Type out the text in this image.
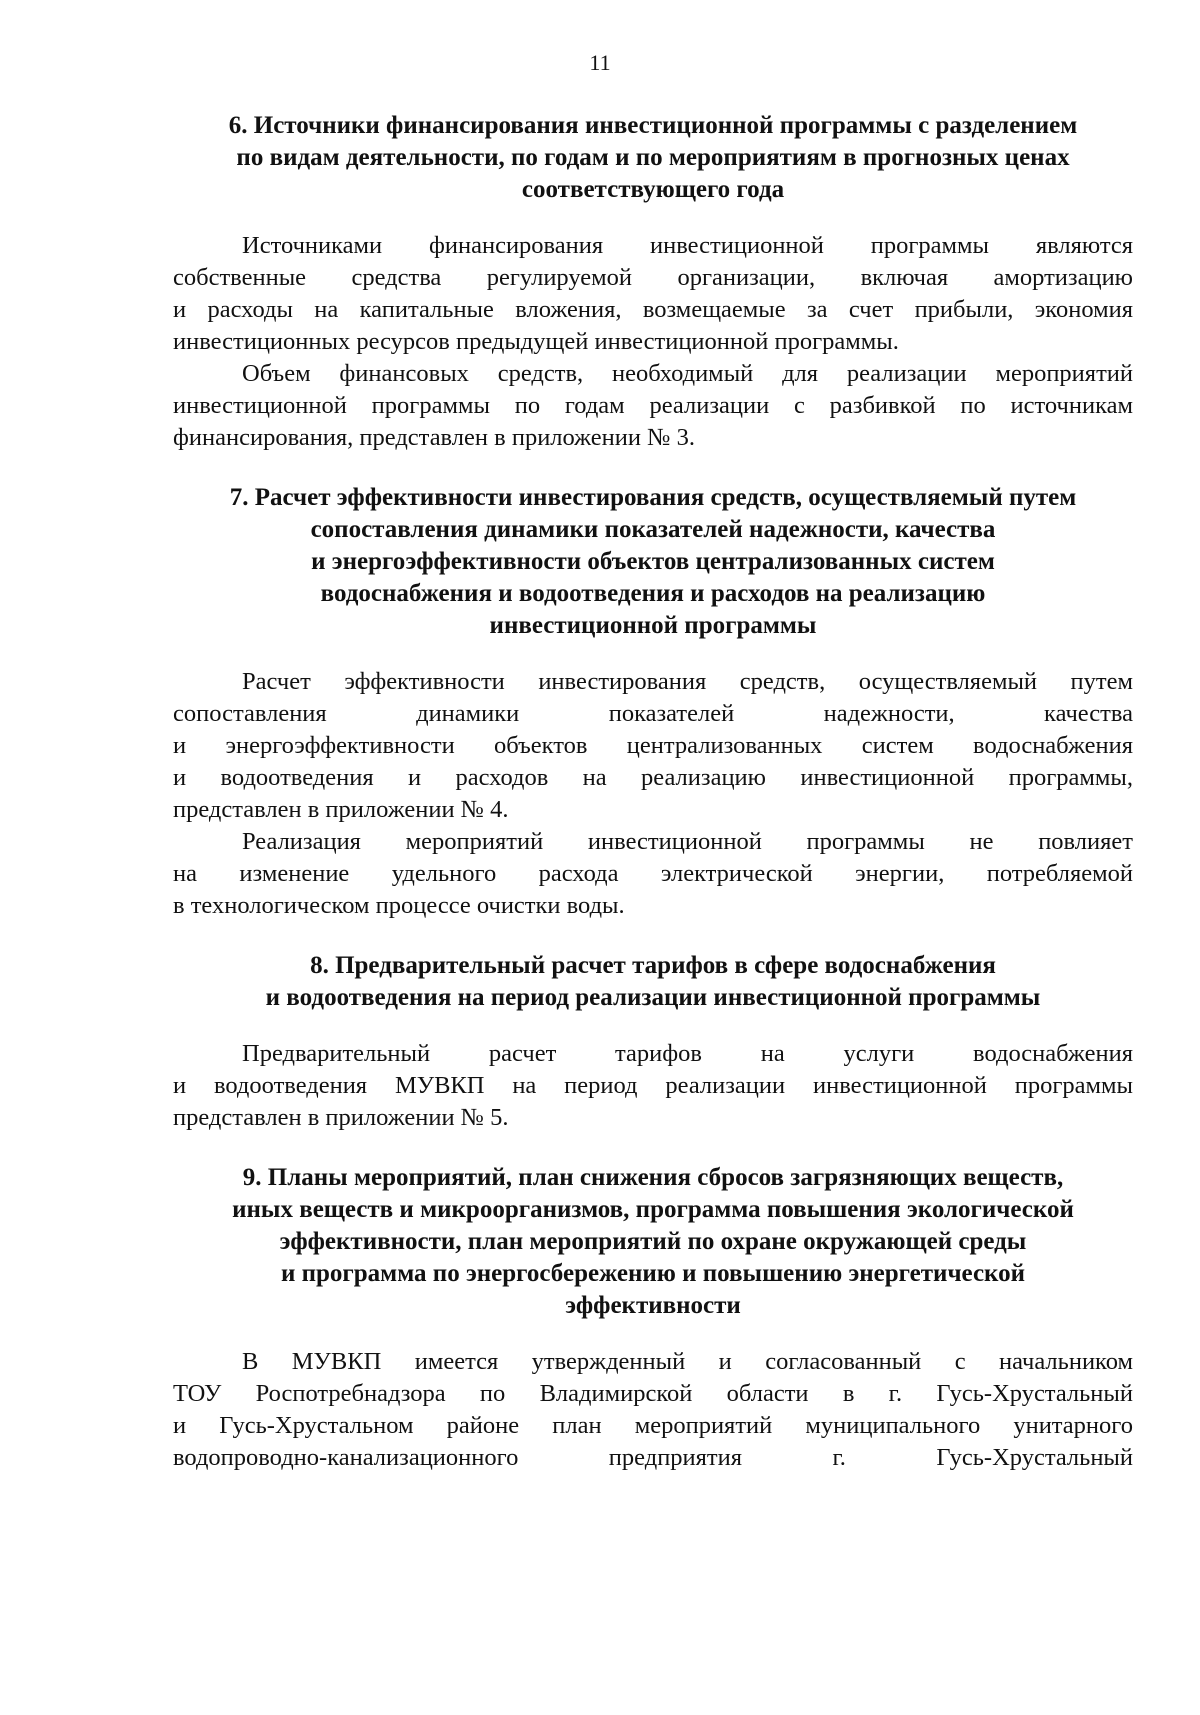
11
6. Источники финансирования инвестиционной программы с разделением
по видам деятельности, по годам и по мероприятиям в прогнозных ценах
соответствующего года

Источниками финансирования инвестиционной программы являются
собственные средства регулируемой организации, включая амортизацию
и расходы на капитальные вложения, возмещаемые за счет прибыли, экономия
инвестиционных ресурсов предыдущей инвестиционной программы.

Объем финансовых средств, необходимый для реализации мероприятий
инвестиционной программы по годам реализации с разбивкой по источникам
финансирования, представлен в приложении № 3.

7. Расчет эффективности инвестирования средств, осуществляемый путем
сопоставления динамики показателей надежности, качества
и энергоэффективности объектов централизованных систем
водоснабжения и водоотведения и расходов на реализацию
инвестиционной программы

Расчет эффективности инвестирования средств, осуществляемый путем
сопоставления динамики показателей надежности, качества
и энергоэффективности объектов централизованных систем водоснабжения
и водоотведения и расходов на реализацию инвестиционной программы,
представлен в приложении № 4.

Реализация мероприятий инвестиционной программы не повлияет
на изменение удельного расхода электрической энергии, потребляемой
в технологическом процессе очистки воды.

8. Предварительный расчет тарифов в сфере водоснабжения
и водоотведения на период реализации инвестиционной программы

Предварительный расчет тарифов на услуги водоснабжения
и водоотведения МУВКП на период реализации инвестиционной программы
представлен в приложении № 5.

9. Планы мероприятий, план снижения сбросов загрязняющих веществ,
иных веществ и микроорганизмов, программа повышения экологической
эффективности, план мероприятий по охране окружающей среды
и программа по энергосбережению и повышению энергетической
эффективности

В МУВКП имеется утвержденный и согласованный с начальником
ТОУ Роспотребнадзора по Владимирской области в г. Гусь-Хрустальный
и Гусь-Хрустальном районе план мероприятий муниципального унитарного
водопроводно-канализационного предприятия г. Гусь-Хрустальный
